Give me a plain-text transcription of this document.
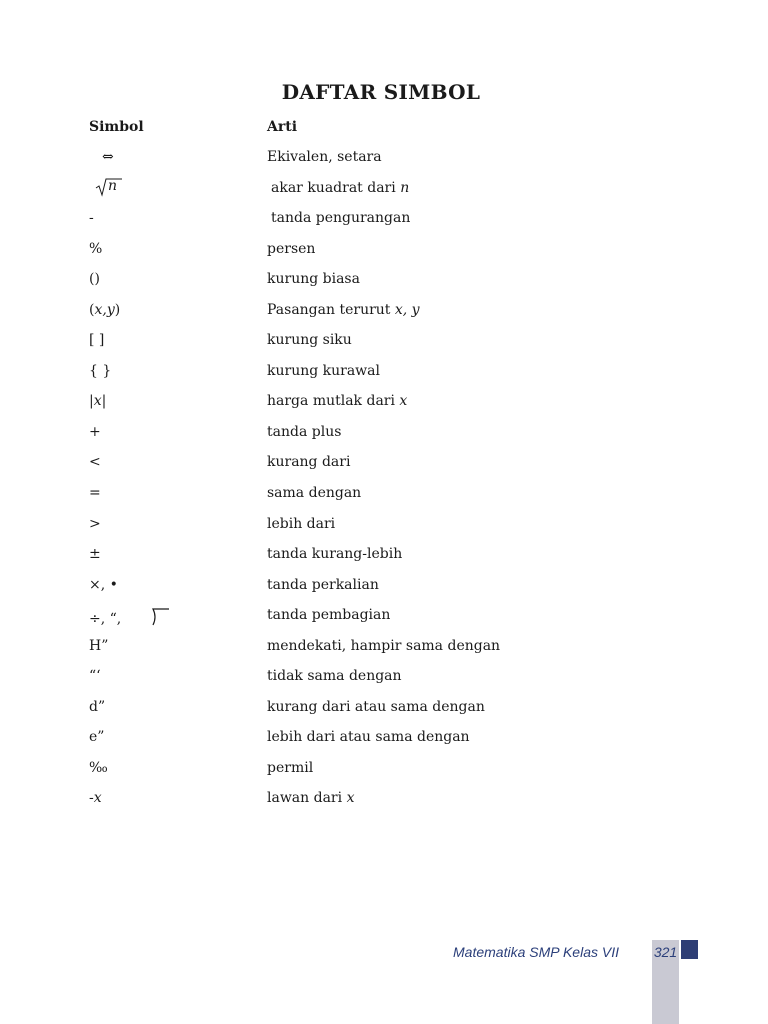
DAFTAR SIMBOL
Simbol	Arti
⇔	Ekivalen, setara
n	akar kuadrat dari n
-	tanda pengurangan
%	persen
()	kurung biasa
(x,y)	Pasangan terurut x, y
[ ]	kurung siku
{ }	kurung kurawal
|x|	harga mutlak dari x
+	tanda plus
<	kurang dari
=	sama dengan
>	lebih dari
±	tanda kurang-lebih
×, •	tanda perkalian
÷, “,	tanda pembagian
H”	mendekati, hampir sama dengan
“‘	tidak sama dengan
d”	kurang dari atau sama dengan
e”	lebih dari atau sama dengan
‰	permil
-x	lawan dari x
Matematika SMP Kelas VII 321
